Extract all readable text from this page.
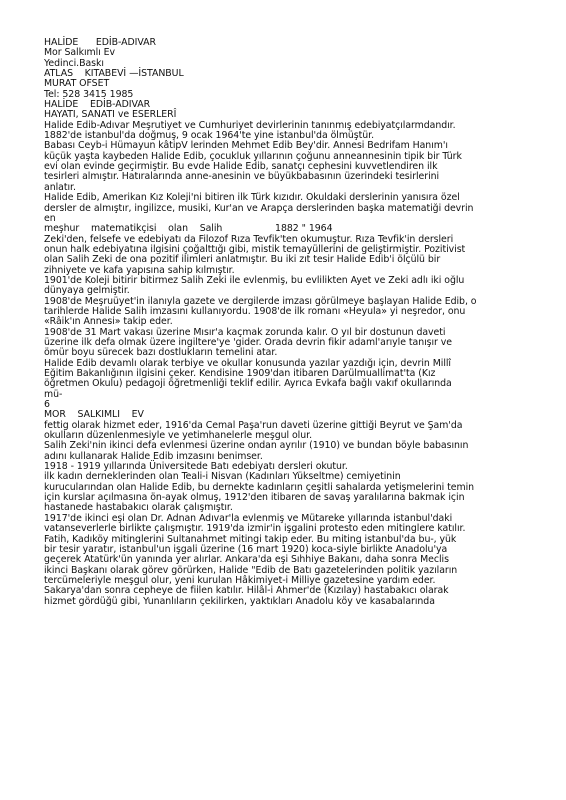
HALİDE      EDİB-ADIVAR
Mor Salkımlı Ev
Yedinci.Baskı
ATLAS    KITABEVİ —İSTANBUL
MURAT OFSET
Tel: 528 3415 1985
HALİDE    EDİB-ADIVAR
HAYATI, SANATI ve ESERLERÎ
Halide Edib-Adıvar Meşrutiyet ve Cumhuriyet devirlerinin tanınmış edebiyatçılarmdandır.
1882'de istanbul'da doğmuş, 9 ocak 1964'te yine istanbul'da ölmüştür.
Babası Ceyb-i Hümayun kâtipV lerinden Mehmet Edib Bey'dir. Annesi Bedrifam Hanım'ı
küçük yaşta kaybeden Halide Edib, çocukluk yıllarının çoğunu anneannesinin tipik bir Türk
evi olan evinde geçirmiştir. Bu evde Halide Edib, sanatçı cephesini kuvvetlendiren ilk
tesirleri almıştır. Hatıralarında anne-anesinin ve büyükbabasının üzerindeki tesirlerini
anlatır.
Halide Edib, Amerikan Kız Koleji'ni bitiren ilk Türk kızıdır. Okuldaki derslerinin yanısıra özel
dersler de almıştır, ingilizce, musiki, Kur'an ve Arapça derslerinden başka matematiği devrin
en
meşhur    matematikçisi    olan    Salih                  1882 " 1964
Zeki'den, felsefe ve edebiyatı da Filozof Rıza Tevfik'ten okumuştur. Rıza Tevfik'in dersleri
onun halk edebiyatına ilgisini çoğalttığı gibi, mistik temayüllerini de geliştirmiştir. Pozitivist
olan Salih Zeki de ona pozitif ilimleri anlatmıştır. Bu iki zıt tesir Halide Edib'i ölçülü bir
zihniyete ve kafa yapısına sahip kılmıştır.
1901'de Koleji bitirir bitirmez Salih Zeki ile evlenmiş, bu evlilikten Ayet ve Zeki adlı iki oğlu
dünyaya gelmiştir.
1908'de Meşruüyet'in ilanıyla gazete ve dergilerde imzası görülmeye başlayan Halide Edib, o
tarihlerde Halide Salih imzasını kullanıyordu. 1908'de ilk romanı «Heyula» yi neşredor, onu
«Râik'ın Annesi» takip eder.
1908'de 31 Mart vakası üzerine Mısır'a kaçmak zorunda kalır. O yıl bir dostunun daveti
üzerine ilk defa olmak üzere ingiltere'ye 'gider. Orada devrin fikir adaml'arıyle tanışır ve
ömür boyu sürecek bazı dostlukların temelini atar.
Halide Edib devamlı olarak terbiye ve okullar konusunda yazılar yazdığı için, devrin Millî
Eğitim Bakanlığının ilgisini çeker. Kendisine 1909'dan itibaren Darülmuallimat'ta (Kız
öğretmen Okulu) pedagoji öğretmenliği teklif edilir. Ayrıca Evkafa bağlı vakıf okullarında
mü-
6
MOR    SALKIMLI    EV
fettig olarak hizmet eder, 1916'da Cemal Paşa'run daveti üzerine gittiği Beyrut ve Şam'da
okulların düzenlenmesiyle ve yetimhanelerle meşgul olur.
Salih Zeki'nin ikinci defa evlenmesi üzerine ondan ayrılır (1910) ve bundan böyle babasının
adını kullanarak Halide Edib imzasını benimser.
1918 - 1919 yıllarında Üniversitede Batı edebiyatı dersleri okutur.
ilk kadın derneklerinden olan Teali-i Nisvan (Kadınları Yükseltme) cemiyetinin
kurucularından olan Halide Edib, bu dernekte kadınların çeşitli sahalarda yetişmelerini temin
için kurslar açılmasına ön-ayak olmuş, 1912'den itibaren de savaş yaralılarına bakmak için
hastanede hastabakıcı olarak çalışmıştır.
1917'de ikinci eşi olan Dr. Adnan Adıvar'la evlenmiş ve Mütareke yıllarında istanbul'daki
vatanseverlerle birlikte çalışmıştır. 1919'da izmir'in işgalini protesto eden mitinglere katılır.
Fatih, Kadıköy mitinglerini Sultanahmet mitingi takip eder. Bu miting istanbul'da bu-, yük
bir tesir yaratır, istanbul'un işgali üzerine (16 mart 1920) koca-siyle birlikte Anadolu'ya
geçerek Atatürk'ün yanında yer alırlar. Ankara'da eşi Sıhhiye Bakanı, daha sonra Meclis
ikinci Başkanı olarak görev görürken, Halide "Edib de Batı gazetelerinden politik yazıların
tercümeleriyle meşgul olur, yeni kurulan Hâkimiyet-i Milliye gazetesine yardım eder.
Sakarya'dan sonra cepheye de fiilen katılır. Hilâl-i Ahmer'de (Kızılay) hastabakıcı olarak
hizmet gördüğü gibi, Yunanlıların çekilirken, yaktıkları Anadolu köy ve kasabalarında
